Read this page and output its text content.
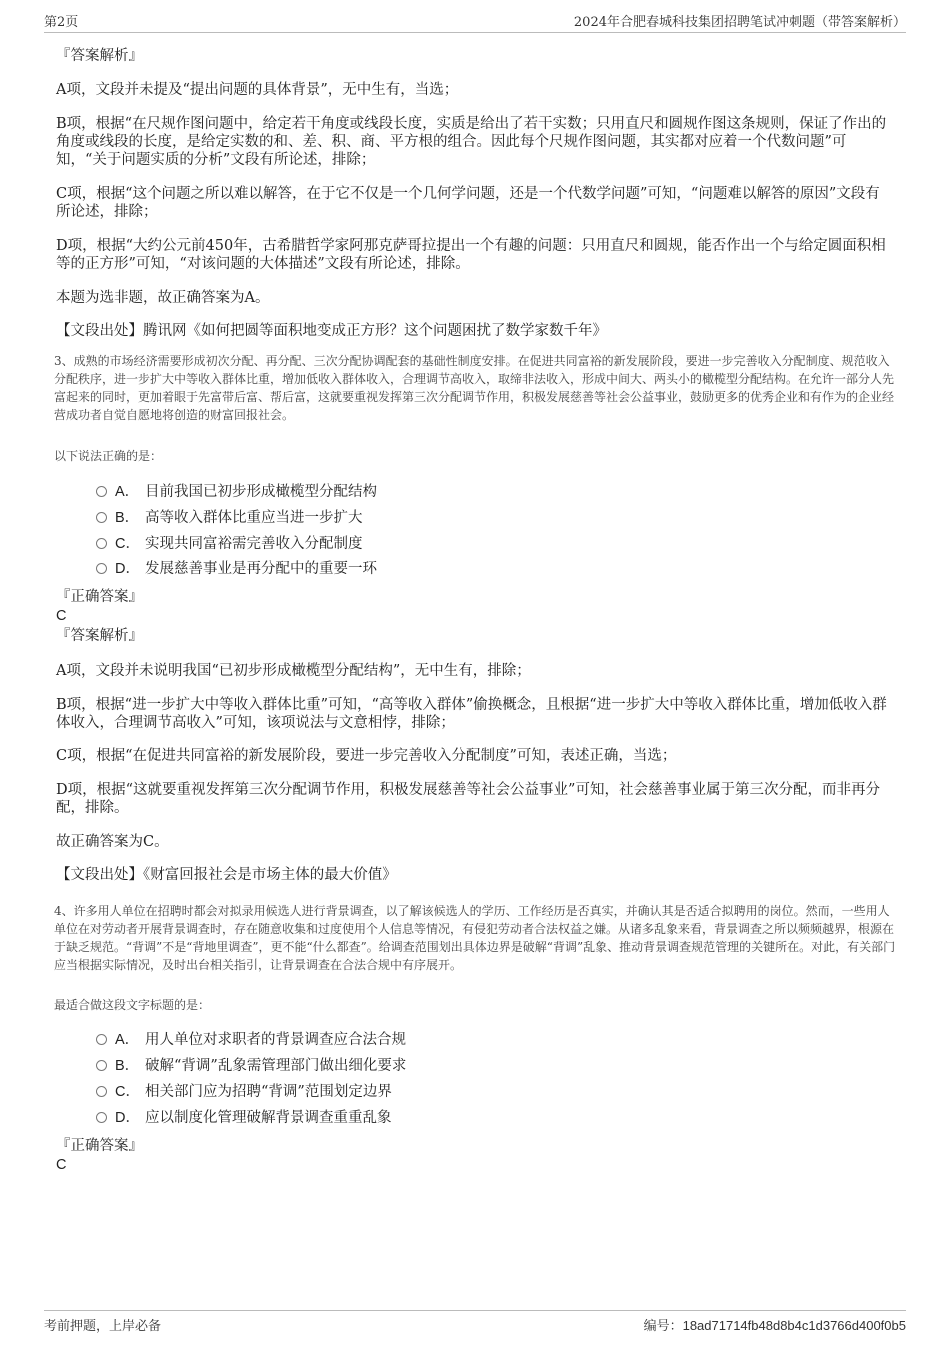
第2页	2024年合肥春城科技集团招聘笔试冲刺题（带答案解析）

『答案解析』

A项，文段并未提及“提出问题的具体背景”，无中生有，当选；

B项，根据“在尺规作图问题中，给定若干角度或线段长度，实质是给出了若干实数；只用直尺和圆规作图这条规则，保证了作出的角度或线段的长度，是给定实数的和、差、积、商、平方根的组合。因此每个尺规作图问题，其实都对应着一个代数问题”可知，“关于问题实质的分析”文段有所论述，排除；

C项，根据“这个问题之所以难以解答，在于它不仅是一个几何学问题，还是一个代数学问题”可知，“问题难以解答的原因”文段有所论述，排除；

D项，根据“大约公元前450年，古希腊哲学家阿那克萨哥拉提出一个有趣的问题：只用直尺和圆规，能否作出一个与给定圆面积相等的正方形”可知，“对该问题的大体描述”文段有所论述，排除。

本题为选非题，故正确答案为A。

【文段出处】腾讯网《如何把圆等面积地变成正方形？这个问题困扰了数学家数千年》

3、成熟的市场经济需要形成初次分配、再分配、三次分配协调配套的基础性制度安排。在促进共同富裕的新发展阶段，要进一步完善收入分配制度、规范收入分配秩序，进一步扩大中等收入群体比重，增加低收入群体收入，合理调节高收入，取缔非法收入，形成中间大、两头小的橄榄型分配结构。在允许一部分人先富起来的同时，更加着眼于先富带后富、帮后富，这就要重视发挥第三次分配调节作用，积极发展慈善等社会公益事业，鼓励更多的优秀企业和有作为的企业经营成功者自觉自愿地将创造的财富回报社会。

以下说法正确的是：

A． 目前我国已初步形成橄榄型分配结构
B． 高等收入群体比重应当进一步扩大
C． 实现共同富裕需完善收入分配制度
D． 发展慈善事业是再分配中的重要一环

『正确答案』

C

『答案解析』

A项，文段并未说明我国“已初步形成橄榄型分配结构”，无中生有，排除；

B项，根据“进一步扩大中等收入群体比重”可知，“高等收入群体”偷换概念，且根据“进一步扩大中等收入群体比重，增加低收入群体收入，合理调节高收入”可知，该项说法与文意相悖，排除；

C项，根据“在促进共同富裕的新发展阶段，要进一步完善收入分配制度”可知，表述正确，当选；

D项，根据“这就要重视发挥第三次分配调节作用，积极发展慈善等社会公益事业”可知，社会慈善事业属于第三次分配，而非再分配，排除。

故正确答案为C。

【文段出处】《财富回报社会是市场主体的最大价值》

4、许多用人单位在招聘时都会对拟录用候选人进行背景调查，以了解该候选人的学历、工作经历是否真实，并确认其是否适合拟聘用的岗位。然而，一些用人单位在对劳动者开展背景调查时，存在随意收集和过度使用个人信息等情况，有侵犯劳动者合法权益之嫌。从诸多乱象来看，背景调查之所以频频越界，根源在于缺乏规范。“背调”不是“背地里调查”，更不能“什么都查”。给调查范围划出具体边界是破解“背调”乱象、推动背景调查规范管理的关键所在。对此，有关部门应当根据实际情况，及时出台相关指引，让背景调查在合法合规中有序展开。

最适合做这段文字标题的是：

A． 用人单位对求职者的背景调查应合法合规
B． 破解“背调”乱象需管理部门做出细化要求
C． 相关部门应为招聘“背调”范围划定边界
D． 应以制度化管理破解背景调查重重乱象

『正确答案』

C

考前押题，上岸必备	编号：18ad71714fb48d8b4c1d3766d400f0b5
